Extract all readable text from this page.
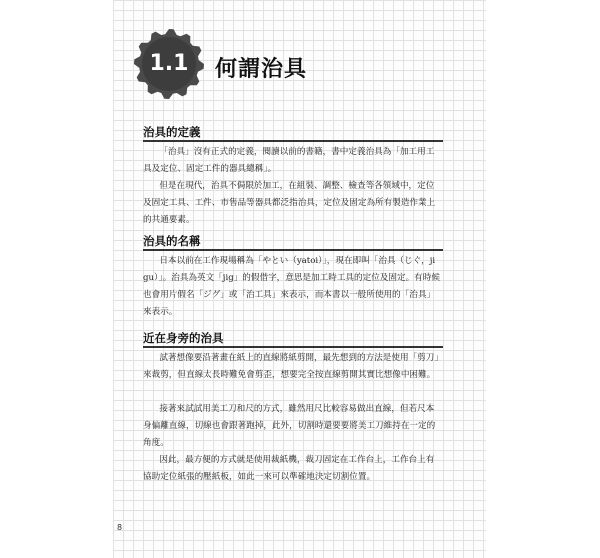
1.1	何謂治具
治具的定義

「治具」沒有正式的定義，閱讀以前的書籍，書中定義治具為「加工用工具及定位、固定工件的器具總稱」。

但是在現代，治具不侷限於加工，在組裝、調整、檢查等各領域中，定位及固定工具、工件、市售品等器具都泛指治具，定位及固定為所有製造作業上的共通要素。

治具的名稱

日本以前在工作現場稱為「やとい（yatoi）」，現在即叫「治具（じぐ，jigu）」。治具為英文「jig」的假借字，意思是加工時工具的定位及固定。有時候也會用片假名「ジグ」或「治工具」來表示，而本書以一般所使用的「治具」來表示。

近在身旁的治具

試著想像要沿著畫在紙上的直線將紙剪開，最先想到的方法是使用「剪刀」來裁剪，但直線太長時難免會剪歪，想要完全按直線剪開其實比想像中困難。

接著來試試用美工刀和尺的方式，雖然用尺比較容易做出直線，但若尺本身偏離直線，切線也會跟著跑掉，此外，切割時還要要將美工刀維持在一定的角度。

因此，最方便的方式就是使用裁紙機，裁刀固定在工作台上，工作台上有協助定位紙張的壓紙板，如此一來可以準確地決定切割位置。

8
